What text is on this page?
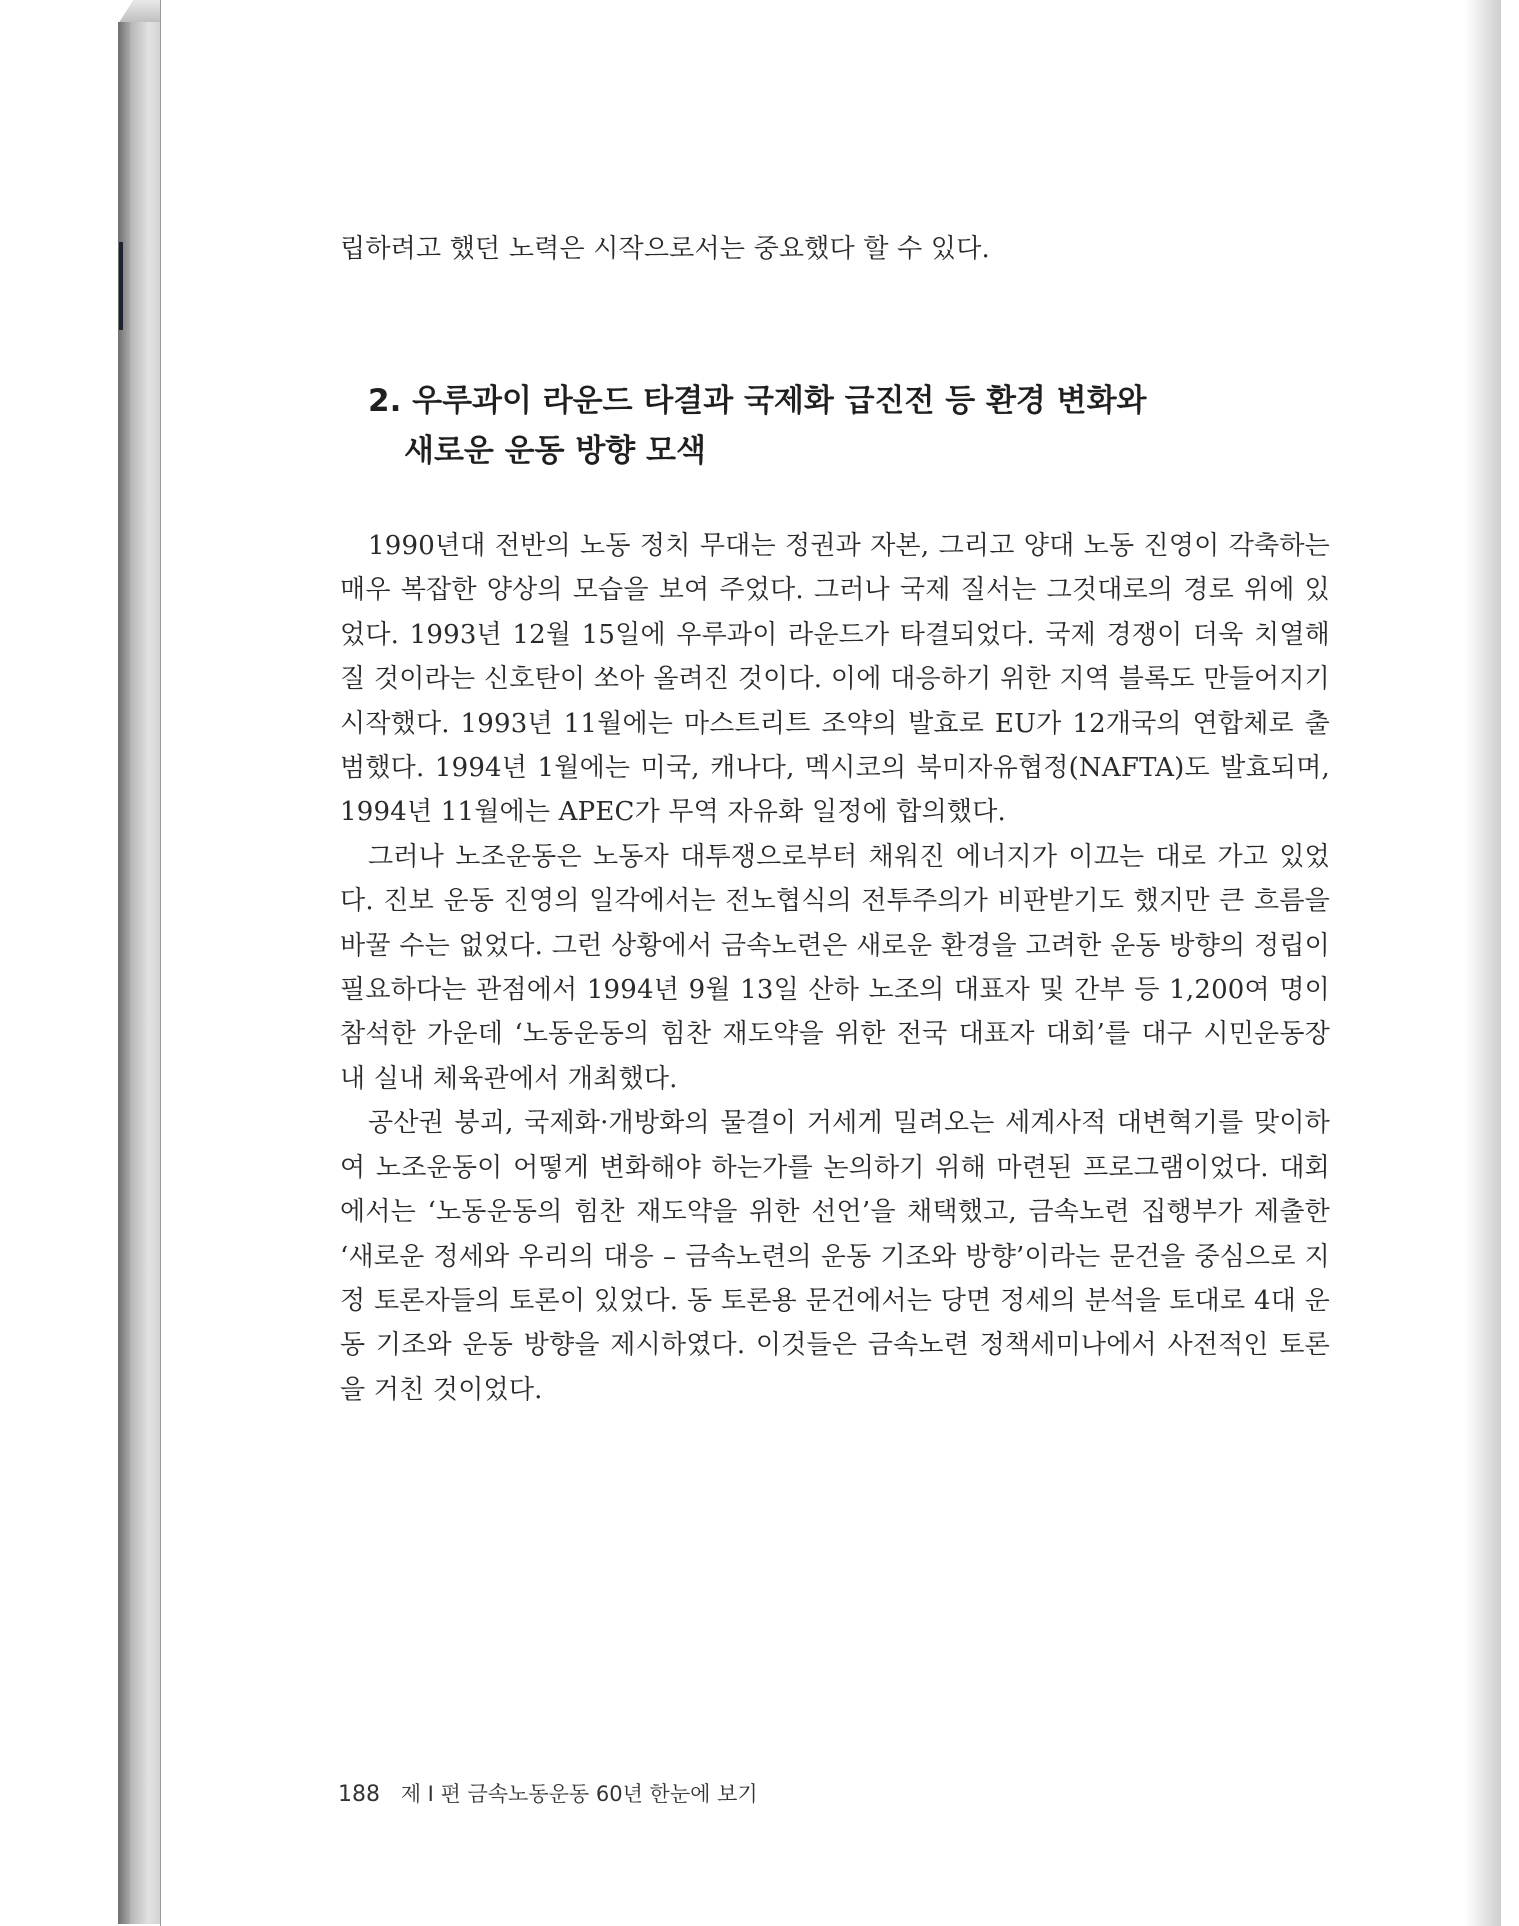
립하려고 했던 노력은 시작으로서는 중요했다 할 수 있다.
2. 우루과이 라운드 타결과 국제화 급진전 등 환경 변화와

새로운 운동 방향 모색

1990년대 전반의 노동 정치 무대는 정권과 자본, 그리고 양대 노동 진영이 각축하는 매우 복잡한 양상의 모습을 보여 주었다. 그러나 국제 질서는 그것대로의 경로 위에 있었다. 1993년 12월 15일에 우루과이 라운드가 타결되었다. 국제 경쟁이 더욱 치열해질 것이라는 신호탄이 쏘아 올려진 것이다. 이에 대응하기 위한 지역 블록도 만들어지기 시작했다. 1993년 11월에는 마스트리트 조약의 발효로 EU가 12개국의 연합체로 출범했다. 1994년 1월에는 미국, 캐나다, 멕시코의 북미자유협정(NAFTA)도 발효되며, 1994년 11월에는 APEC가 무역 자유화 일정에 합의했다.

그러나 노조운동은 노동자 대투쟁으로부터 채워진 에너지가 이끄는 대로 가고 있었다. 진보 운동 진영의 일각에서는 전노협식의 전투주의가 비판받기도 했지만 큰 흐름을 바꿀 수는 없었다. 그런 상황에서 금속노련은 새로운 환경을 고려한 운동 방향의 정립이 필요하다는 관점에서 1994년 9월 13일 산하 노조의 대표자 및 간부 등 1,200여 명이 참석한 가운데 ‘노동운동의 힘찬 재도약을 위한 전국 대표자 대회’를 대구 시민운동장 내 실내 체육관에서 개최했다.

공산권 붕괴, 국제화·개방화의 물결이 거세게 밀려오는 세계사적 대변혁기를 맞이하여 노조운동이 어떻게 변화해야 하는가를 논의하기 위해 마련된 프로그램이었다. 대회에서는 ‘노동운동의 힘찬 재도약을 위한 선언’을 채택했고, 금속노련 집행부가 제출한 ‘새로운 정세와 우리의 대응 – 금속노련의 운동 기조와 방향’이라는 문건을 중심으로 지정 토론자들의 토론이 있었다. 동 토론용 문건에서는 당면 정세의 분석을 토대로 4대 운동 기조와 운동 방향을 제시하였다. 이것들은 금속노련 정책세미나에서 사전적인 토론을 거친 것이었다.

188 제 I 편 금속노동운동 60년 한눈에 보기
